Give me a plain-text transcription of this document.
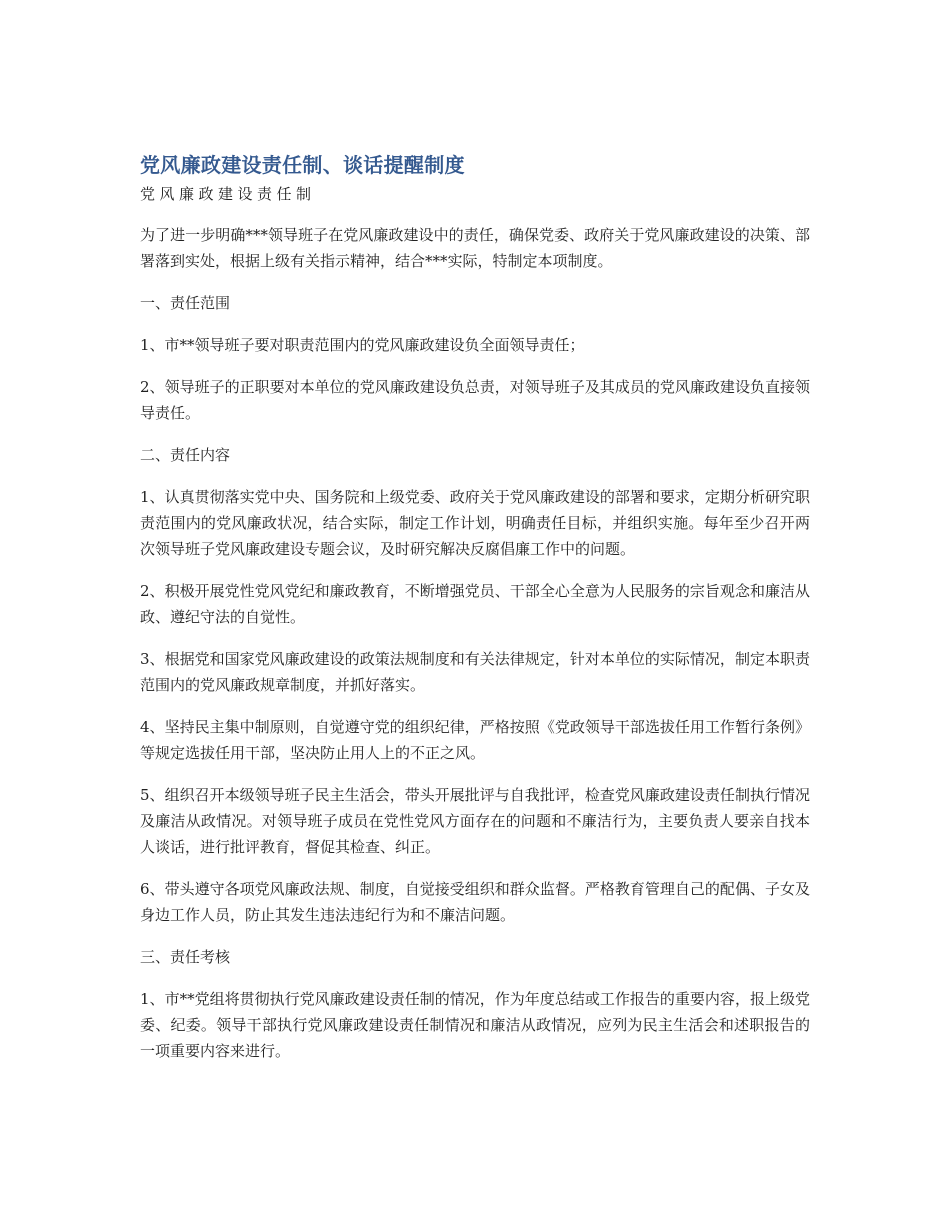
党风廉政建设责任制、谈话提醒制度
党风廉政建设责任制
为了进一步明确***领导班子在党风廉政建设中的责任，确保党委、政府关于党风廉政建设的决策、部署落到实处，根据上级有关指示精神，结合***实际，特制定本项制度。
一、责任范围
1、市**领导班子要对职责范围内的党风廉政建设负全面领导责任；
2、领导班子的正职要对本单位的党风廉政建设负总责，对领导班子及其成员的党风廉政建设负直接领导责任。
二、责任内容
1、认真贯彻落实党中央、国务院和上级党委、政府关于党风廉政建设的部署和要求，定期分析研究职责范围内的党风廉政状况，结合实际，制定工作计划，明确责任目标，并组织实施。每年至少召开两次领导班子党风廉政建设专题会议，及时研究解决反腐倡廉工作中的问题。
2、积极开展党性党风党纪和廉政教育，不断增强党员、干部全心全意为人民服务的宗旨观念和廉洁从政、遵纪守法的自觉性。
3、根据党和国家党风廉政建设的政策法规制度和有关法律规定，针对本单位的实际情况，制定本职责范围内的党风廉政规章制度，并抓好落实。
4、坚持民主集中制原则，自觉遵守党的组织纪律，严格按照《党政领导干部选拔任用工作暂行条例》等规定选拔任用干部，坚决防止用人上的不正之风。
5、组织召开本级领导班子民主生活会，带头开展批评与自我批评，检查党风廉政建设责任制执行情况及廉洁从政情况。对领导班子成员在党性党风方面存在的问题和不廉洁行为，主要负责人要亲自找本人谈话，进行批评教育，督促其检查、纠正。
6、带头遵守各项党风廉政法规、制度，自觉接受组织和群众监督。严格教育管理自己的配偶、子女及身边工作人员，防止其发生违法违纪行为和不廉洁问题。
三、责任考核
1、市**党组将贯彻执行党风廉政建设责任制的情况，作为年度总结或工作报告的重要内容，报上级党委、纪委。领导干部执行党风廉政建设责任制情况和廉洁从政情况，应列为民主生活会和述职报告的一项重要内容来进行。
